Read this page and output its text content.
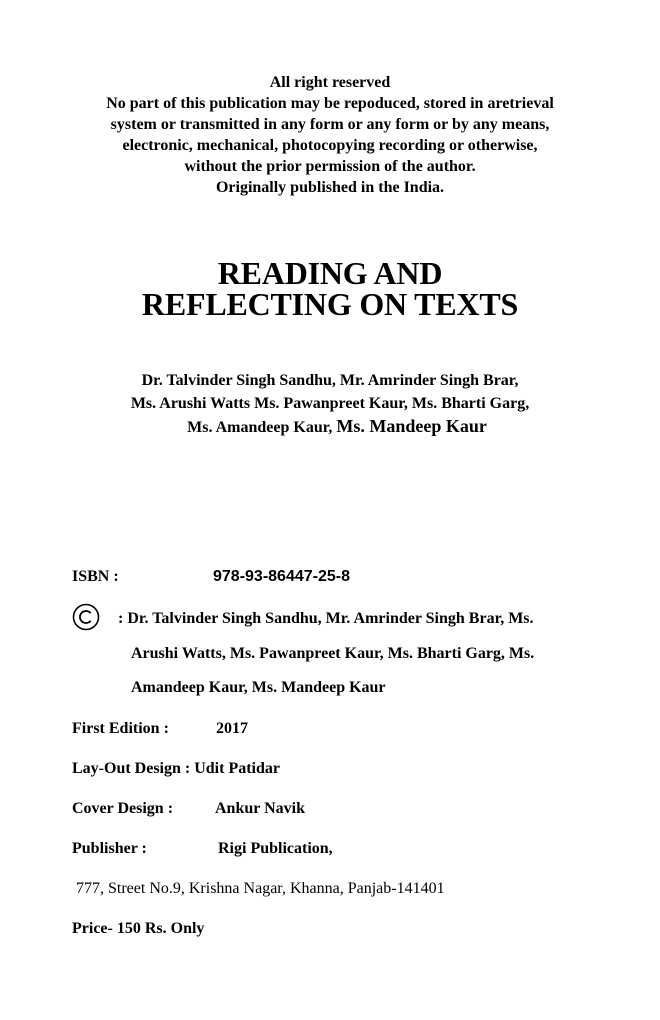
All right reserved
No part of this publication may be repoduced, stored in aretrieval
system or transmitted in any form or any form or by any means,
electronic, mechanical, photocopying recording or otherwise,
without the prior permission of the author.
Originally published in the India.
READING AND
REFLECTING ON TEXTS
Dr. Talvinder Singh Sandhu, Mr. Amrinder Singh Brar,
Ms. Arushi Watts Ms. Pawanpreet Kaur, Ms. Bharti Garg,
Ms. Amandeep Kaur, Ms. Mandeep Kaur
ISBN :	978-93-86447-25-8
: Dr. Talvinder Singh Sandhu, Mr. Amrinder Singh Brar, Ms.
Arushi Watts, Ms. Pawanpreet Kaur, Ms. Bharti Garg, Ms.
Amandeep Kaur, Ms. Mandeep Kaur
First Edition :	2017
Lay-Out Design : Udit Patidar
Cover Design :	Ankur Navik
Publisher :	Rigi Publication,
777, Street No.9, Krishna Nagar, Khanna, Panjab-141401
Price- 150 Rs. Only
